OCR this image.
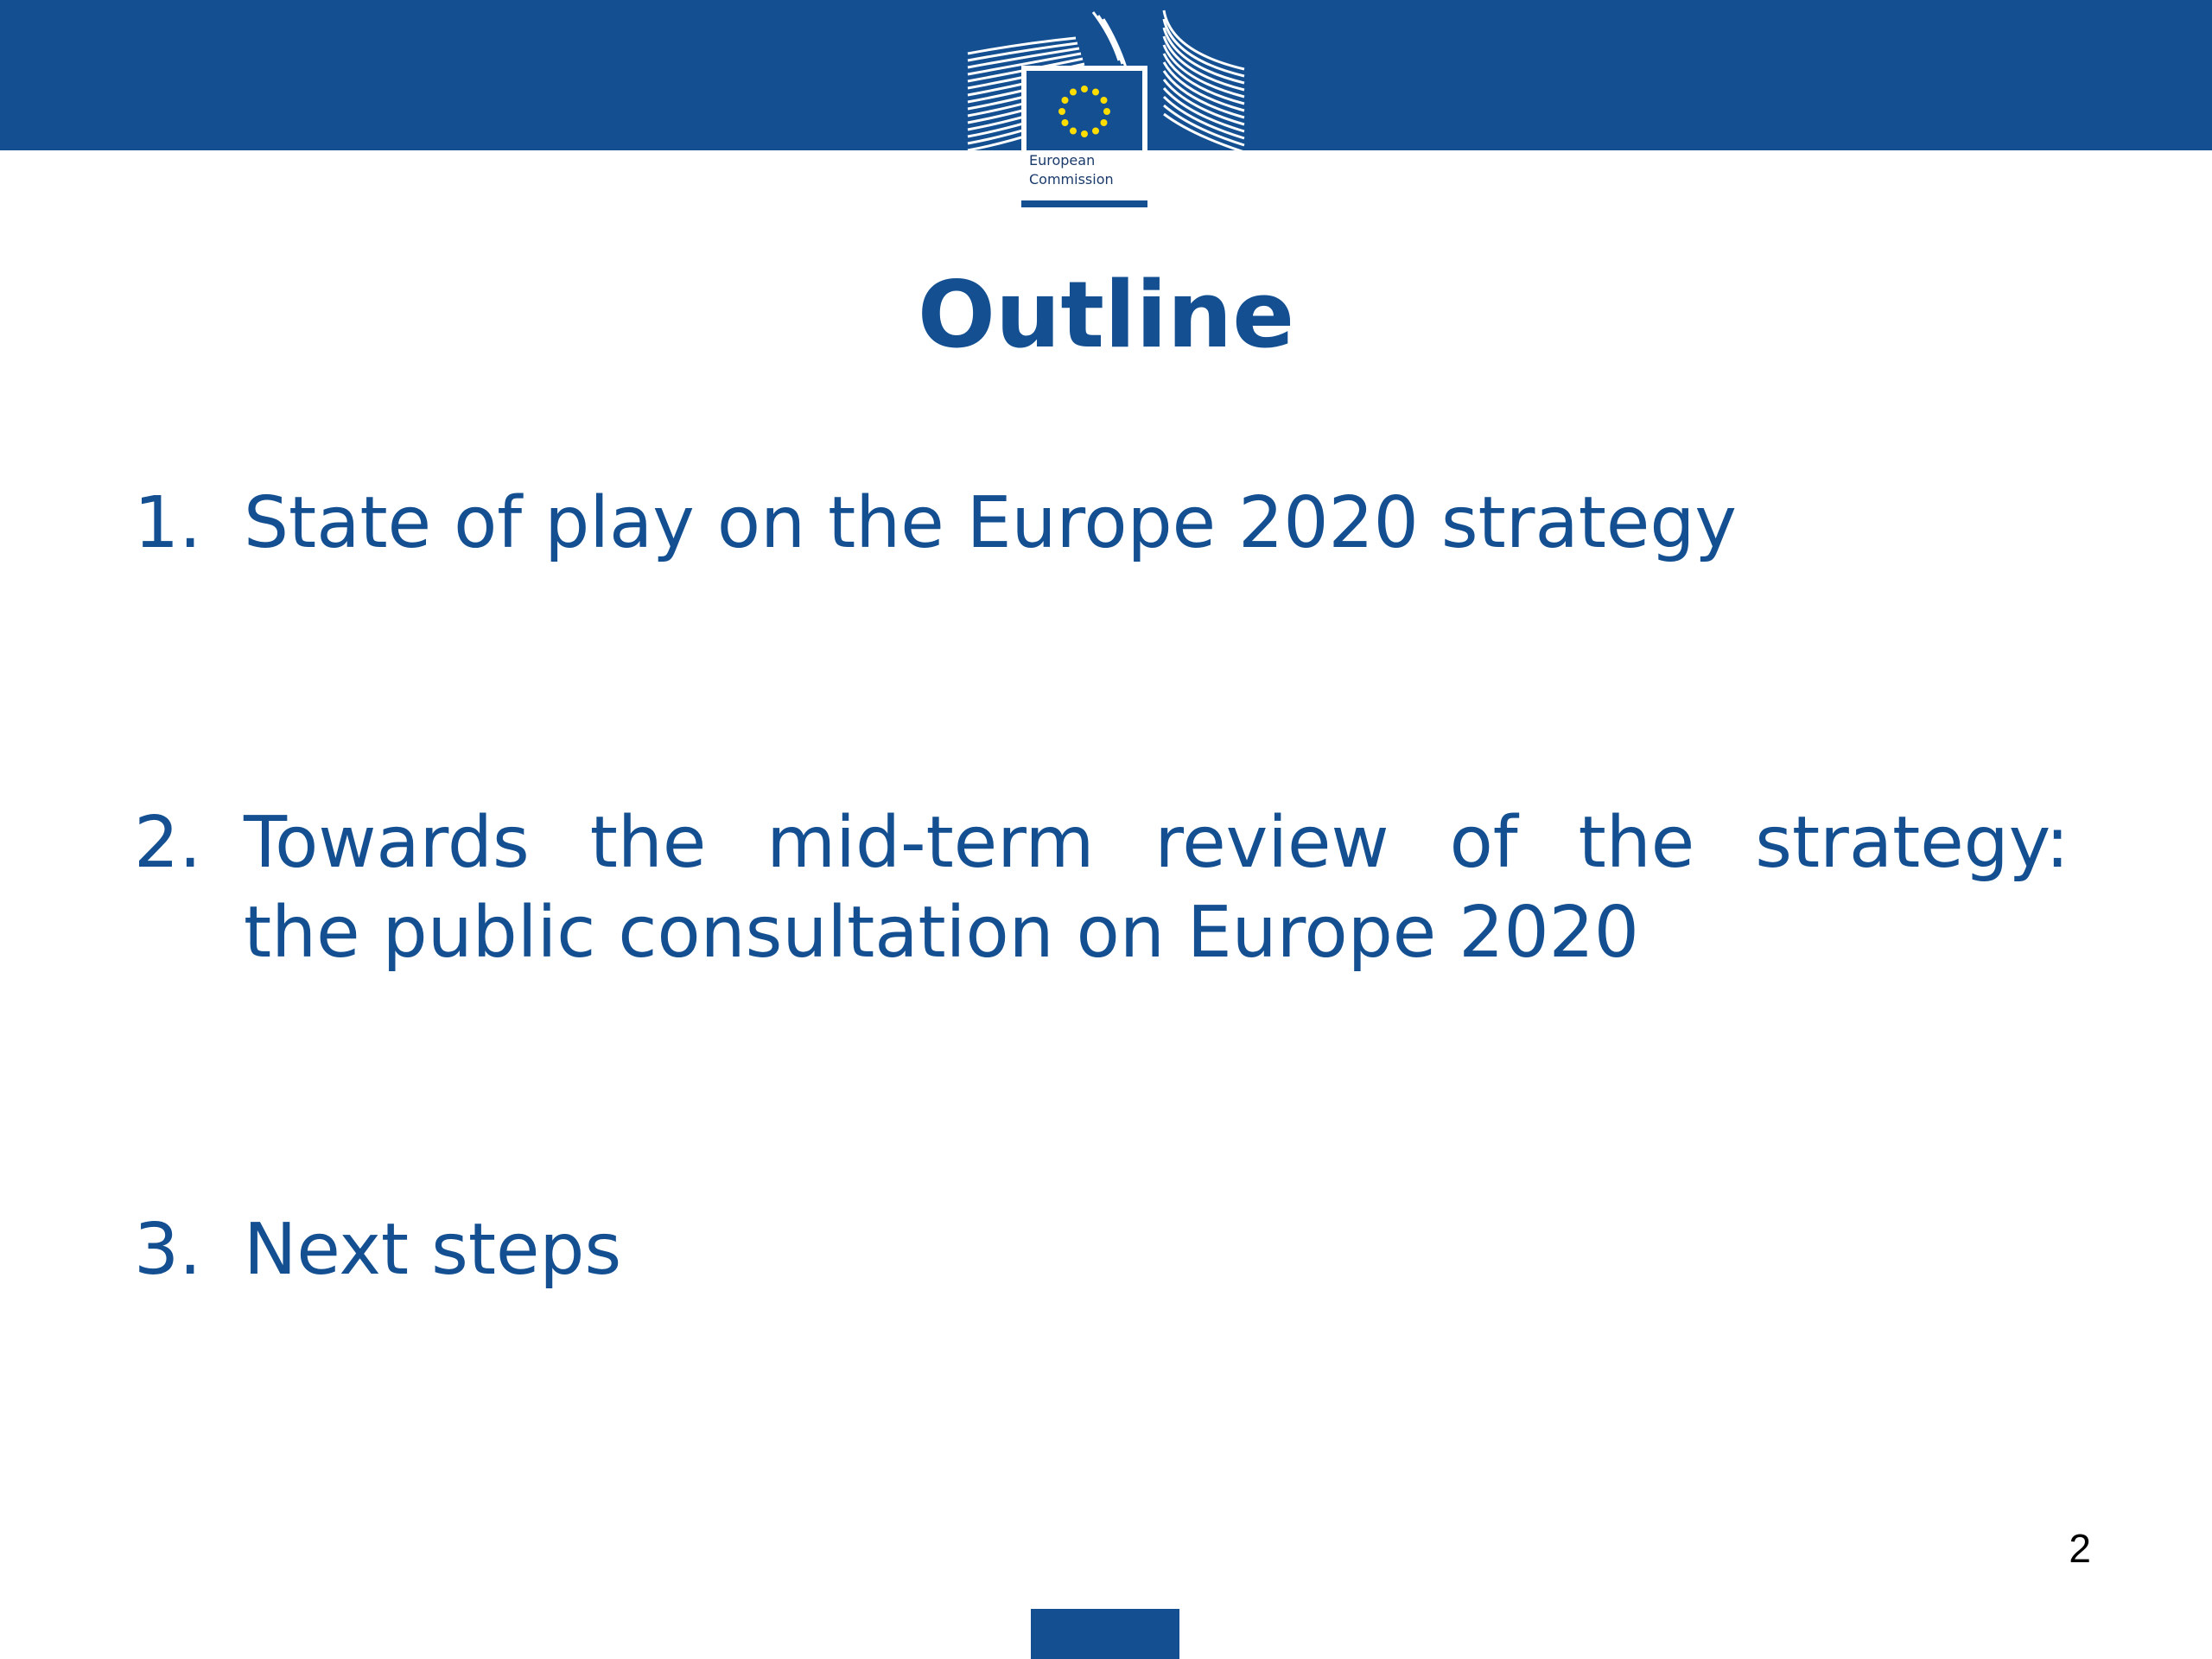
European
Commission
Outline
1. State of play on the Europe 2020 strategy
2. Towards the mid-term review of the strategy:
the public consultation on Europe 2020
3. Next steps
2
